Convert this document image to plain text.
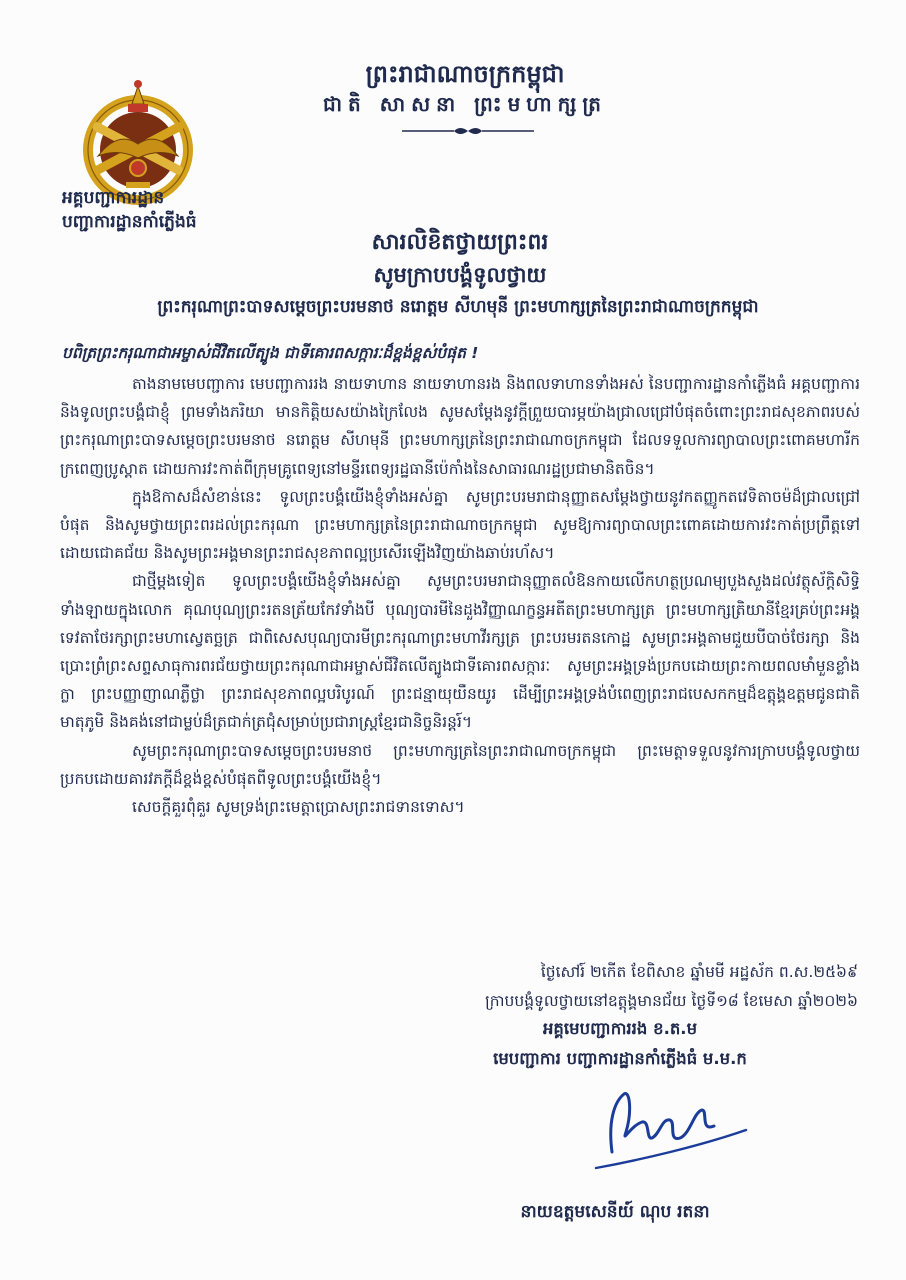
អគ្គបញ្ជាការដ្ឋាន
បញ្ជាការដ្ឋានកាំភ្លើងធំ
ព្រះរាជាណាចក្រកម្ពុជា
ជាតិ សាសនា ព្រះមហាក្សត្រ
សារលិខិតថ្វាយព្រះពរ
សូមក្រាបបង្គំទូលថ្វាយ
ព្រះករុណាព្រះបាទសម្តេចព្រះបរមនាថ នរោត្តម សីហមុនី ព្រះមហាក្សត្រនៃព្រះរាជាណាចក្រកម្ពុជា
បពិត្រព្រះករុណាជាអម្ចាស់ជីវិតលើត្បូង ជាទីគោរពសក្ការៈដ៏ខ្ពង់ខ្ពស់បំផុត !

តាងនាមមេបញ្ជាការ មេបញ្ជាការរង នាយទាហាន នាយទាហានរង និងពលទាហានទាំងអស់ នៃបញ្ជាការដ្ឋានកាំភ្លើងធំ អគ្គបញ្ជាការ និងទូលព្រះបង្គំជាខ្ញុំ ព្រមទាំងភរិយា មានកិត្តិយសយ៉ាងក្រៃលែង សូមសម្តែងនូវក្តីព្រួយបារម្ភយ៉ាងជ្រាលជ្រៅបំផុតចំពោះព្រះរាជសុខភាពរបស់ព្រះករុណាព្រះបាទសម្តេចព្រះបរមនាថ នរោត្តម សីហមុនី ព្រះមហាក្សត្រនៃព្រះរាជាណាចក្រកម្ពុជា ដែលទទួលការព្យាបាលព្រះពោគមហារីកក្រពេញប្រូស្តាត ដោយការវះកាត់ពីក្រុមគ្រូពេទ្យនៅមន្ទីរពេទ្យរដ្ឋធានីប៉េកាំងនៃសាធារណរដ្ឋប្រជាមានិតចិន។

ក្នុងឱកាសដ៏សំខាន់នេះ ទូលព្រះបង្គំយើងខ្ញុំទាំងអស់គ្នា សូមព្រះបរមរាជានុញ្ញាតសម្តែងថ្វាយនូវកតញ្ញូកតវេទិតាចម៉ដ៏ជ្រាលជ្រៅបំផុត និងសូមថ្វាយព្រះពរដល់ព្រះករុណា ព្រះមហាក្សត្រនៃព្រះរាជាណាចក្រកម្ពុជា សូមឱ្យការព្យាបាលព្រះពោគដោយការវះកាត់ប្រព្រឹត្តទៅដោយជោគជ័យ និងសូមព្រះអង្គមានព្រះរាជសុខភាពល្អប្រសើរឡើងវិញយ៉ាងឆាប់រហ័ស។

ជាថ្មីម្តងទៀត ទូលព្រះបង្គំយើងខ្ញុំទាំងអស់គ្នា សូមព្រះបរមរាជានុញ្ញាតលំឱនកាយលើកហត្ថប្រណម្យបួងសួងដល់វត្ថុស័ក្តិសិទ្ធិទាំងឡាយក្នុងលោក គុណបុណ្យព្រះរតនត្រ័យកែវទាំងបី បុណ្យបារមីនៃដួងវិញ្ញាណក្ខន្ធអតីតព្រះមហាក្សត្រ ព្រះមហាក្សត្រិយានីខ្មែរគ្រប់ព្រះអង្គ ទេវតាថែរក្សាព្រះមហាស្វេតច្ឆត្រ ជាពិសេសបុណ្យបារមីព្រះករុណាព្រះមហាវីរក្សត្រ ព្រះបរមរតនកោដ្ឋ សូមព្រះអង្គតាមជួយបីបាច់ថែរក្សា និងប្រោះព្រំព្រះសព្ទសាធុការពរជ័យថ្វាយព្រះករុណាជាអម្ចាស់ជីវិតលើត្បូងជាទីគោរពសក្ការៈ សូមព្រះអង្គទ្រង់ប្រកបដោយព្រះកាយពលមាំមួនខ្លាំងក្លា ព្រះបញ្ញាញាណភ្លឺថ្លា ព្រះរាជសុខភាពល្អបរិបូរណ៍ ព្រះជន្មាយុយឺនយូរ ដើម្បីព្រះអង្គទ្រង់បំពេញព្រះរាជបេសកកម្មដ៏ឧត្តុង្គឧត្តមជូនជាតិ មាតុភូមិ និងគង់នៅជាម្លប់ដ៏ត្រជាក់ត្រជុំសម្រាប់ប្រជារាស្ត្រខ្មែរជានិច្ចនិរន្តរ៍។

សូមព្រះករុណាព្រះបាទសម្តេចព្រះបរមនាថ ព្រះមហាក្សត្រនៃព្រះរាជាណាចក្រកម្ពុជា ព្រះមេត្តាទទួលនូវការក្រាបបង្គំទូលថ្វាយប្រកបដោយគារវភក្តីដ៏ខ្ពង់ខ្ពស់បំផុតពីទូលព្រះបង្គំយើងខ្ញុំ។

សេចក្តីគួរពុំគួរ សូមទ្រង់ព្រះមេត្តាប្រោសព្រះរាជទានទោស។

ថ្ងៃសៅរ៍ ២កើត ខែពិសាខ ឆ្នាំមមី អដ្ឋស័ក ព.ស.២៥៦៩
ក្រាបបង្គំទូលថ្វាយនៅឧត្តុង្គមានជ័យ ថ្ងៃទី១៨ ខែមេសា ឆ្នាំ២០២៦
អគ្គមេបញ្ជាការរង ខ.ត.ម
មេបញ្ជាការ បញ្ជាការដ្ឋានកាំភ្លើងធំ ម.ម.ក
នាយឧត្តមសេនីយ៍ ណុប រតនា
